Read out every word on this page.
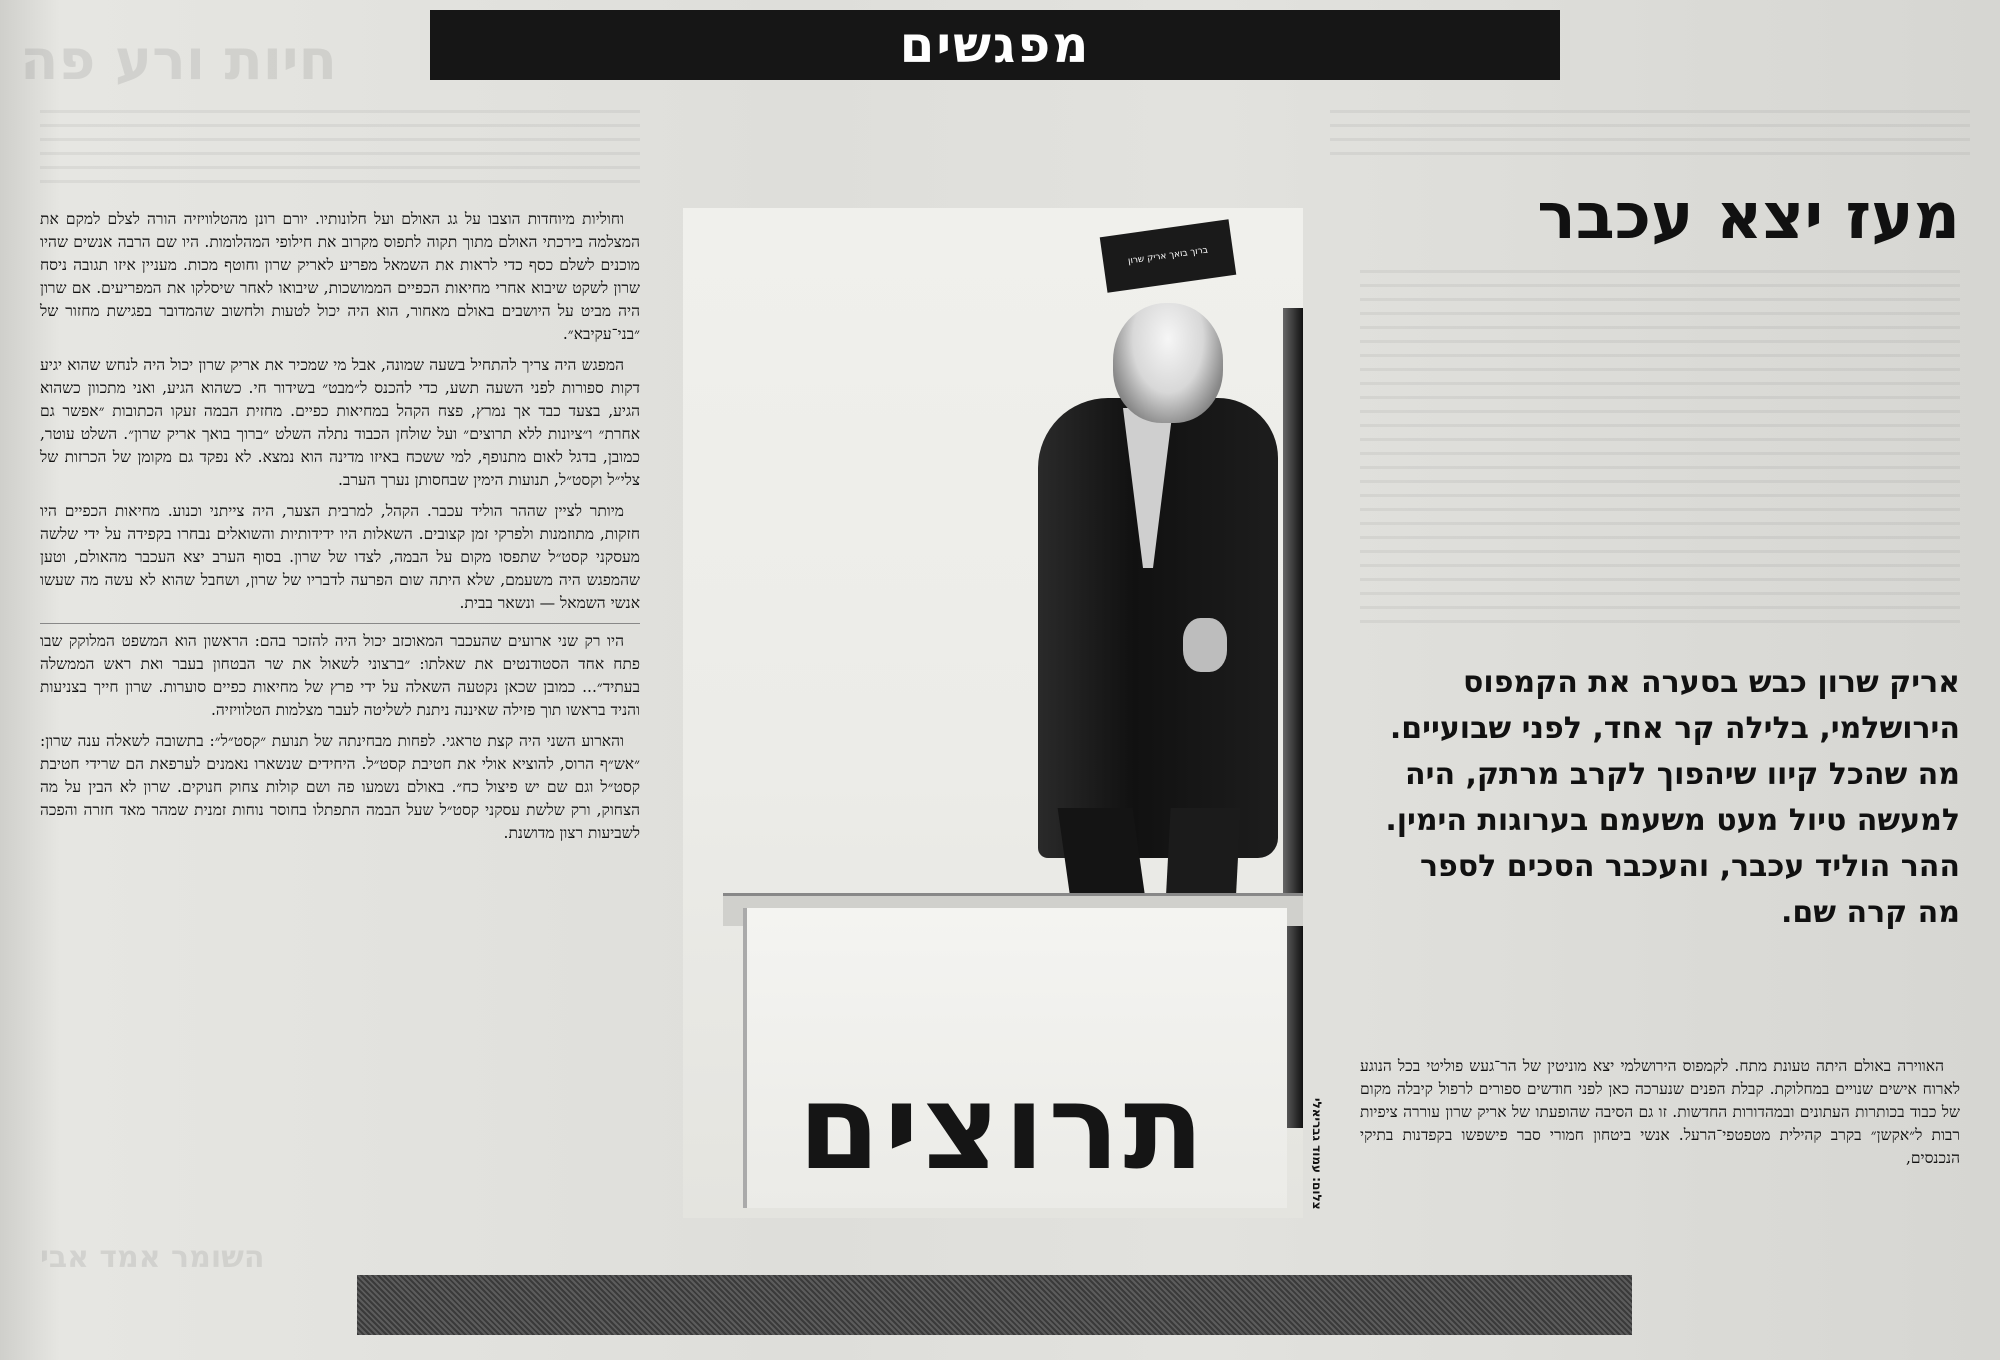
חיות ורע פה
השומר אמד אבי
מפגשים
מעז יצא עכבר
אריק שרון כבש בסערה את הקמפוס הירושלמי, בלילה קר אחד, לפני שבועיים. מה שהכל קיוו שיהפוך לקרב מרתק, היה למעשה טיול מעט משעמם בערוגות הימין. ההר הוליד עכבר, והעכבר הסכים לספר מה קרה שם.

האווירה באולם היתה טעונת מתח. לקמפוס הירושלמי יצא מוניטין של הר־געש פוליטי בכל הנוגע לארוח אישים שנויים במחלוקת. קבלת הפנים שנערכה כאן לפני חודשים ספורים לרפול קיבלה מקום של כבוד בכותרות העתונים ובמהדורות החדשות. זו גם הסיבה שהופעתו של אריק שרון עוררה ציפיות רבות ל״אקשן״ בקרב קהילית מטפטפי־הרעל. אנשי ביטחון חמורי סבר פישפשו בקפדנות בתיקי הנכנסים,

ברוך בואך אריק שרון
תרוצים	צלום: עמוד גבריאלי

וחוליות מיוחדות הוצבו על גג האולם ועל חלונותיו. יורם רונן מהטלוויזיה הורה לצלם למקם את המצלמה בירכתי האולם מתוך תקוה לתפוס מקרוב את חילופי המהלומות. היו שם הרבה אנשים שהיו מוכנים לשלם כסף כדי לראות את השמאל מפריע לאריק שרון וחוטף מכות. מעניין איזו תגובה ניסח שרון לשקט שיבוא אחרי מחיאות הכפיים הממושכות, שיבואו לאחר שיסלקו את המפריעים. אם שרון היה מביט על היושבים באולם מאחור, הוא היה יכול לטעות ולחשוב שהמדובר בפגישת מחזור של ״בני־עקיבא״.

המפגש היה צריך להתחיל בשעה שמונה, אבל מי שמכיר את אריק שרון יכול היה לנחש שהוא יגיע דקות ספורות לפני השעה תשע, כדי להכנס ל״מבט״ בשידור חי. כשהוא הגיע, ואני מתכוון כשהוא הגיע, בצעד כבד אך נמרץ, פצח הקהל במחיאות כפיים. מחזית הבמה זעקו הכתובות ״אפשר גם אחרת״ ו״ציונות ללא תרוצים״ ועל שולחן הכבוד נתלה השלט ״ברוך בואך אריק שרון״. השלט עוטר, כמובן, בדגל לאום מתנופף, למי ששכח באיזו מדינה הוא נמצא. לא נפקד גם מקומן של הכרזות של צלי״ל וקסט״ל, תנועות הימין שבחסותן נערך הערב.

מיותר לציין שההר הוליד עכבר. הקהל, למרבית הצער, היה צייתני וכנוע. מחיאות הכפיים היו חזקות, מתוזמנות ולפרקי זמן קצובים. השאלות היו ידידותיות והשואלים נבחרו בקפידה על ידי שלשה מעסקני קסט״ל שתפסו מקום על הבמה, לצדו של שרון. בסוף הערב יצא העכבר מהאולם, וטען שהמפגש היה משעמם, שלא היתה שום הפרעה לדבריו של שרון, ושחבל שהוא לא עשה מה שעשו אנשי השמאל — ונשאר בבית.

היו רק שני ארועים שהעכבר המאוכזב יכול היה להזכר בהם: הראשון הוא המשפט המלוקק שבו פתח אחד הסטודנטים את שאלתו: ״ברצוני לשאול את שר הבטחון בעבר ואת ראש הממשלה בעתיד״... כמובן שכאן נקטעה השאלה על ידי פרץ של מחיאות כפיים סוערות. שרון חייך בצניעות והניד בראשו תוך פזילה שאיננה ניתנת לשליטה לעבר מצלמות הטלוויזיה.

והארוע השני היה קצת טראגי. לפחות מבחינתה של תנועת ״קסט״ל״: בתשובה לשאלה ענה שרון: ״אש״ף הרוס, להוציא אולי את חטיבת קסט״ל. היחידים שנשארו נאמנים לערפאת הם שרידי חטיבת קסט״ל וגם שם יש פיצול כח״. באולם נשמעו פה ושם קולות צחוק חנוקים. שרון לא הבין על מה הצחוק, ורק שלשת עסקני קסט״ל שעל הבמה התפתלו בחוסר נוחות זמנית שמהר מאד חזרה והפכה לשביעות רצון מדושנת.
